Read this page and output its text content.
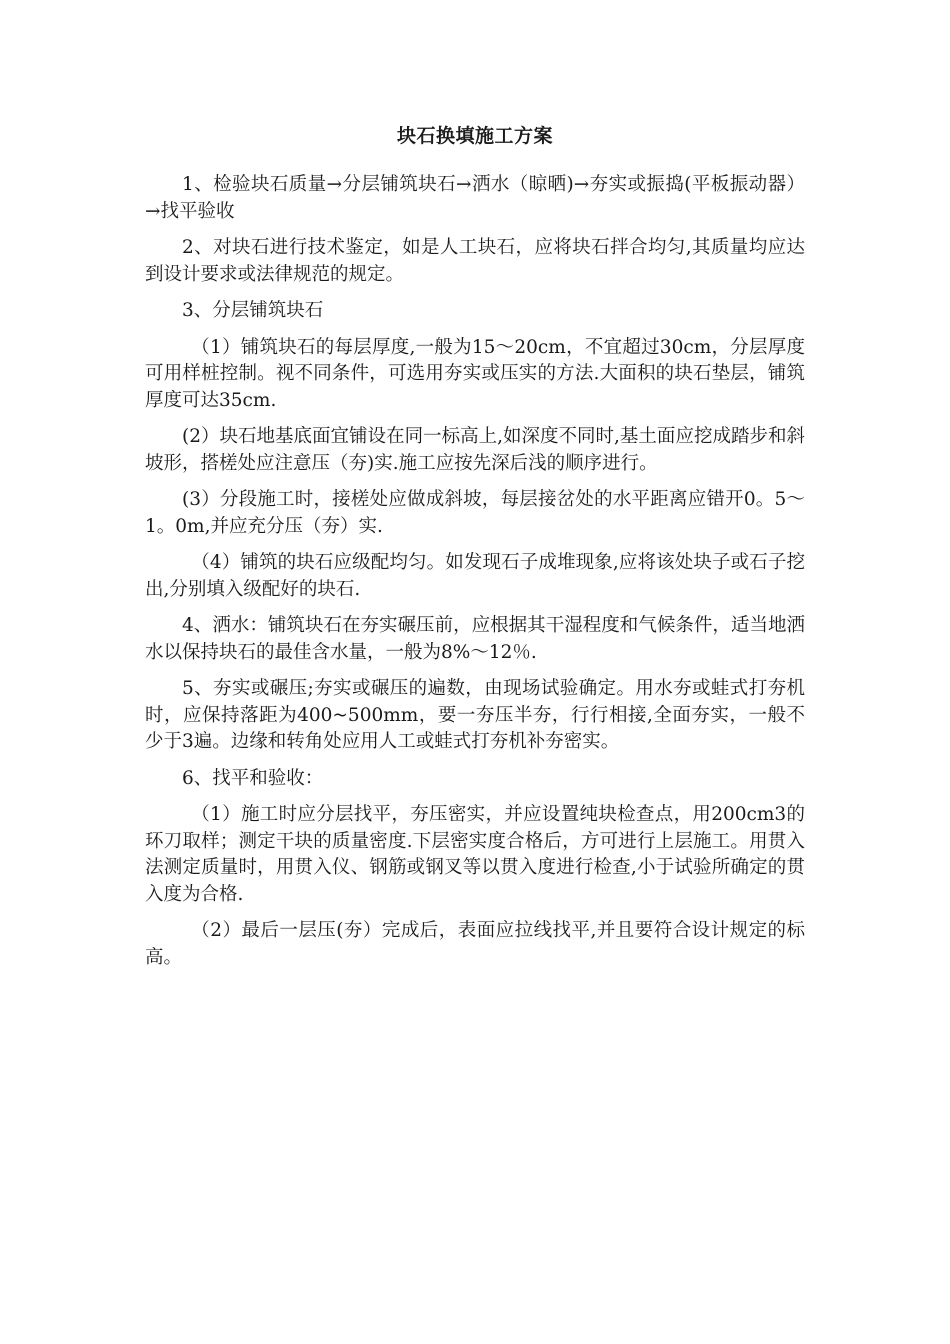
块石换填施工方案

1、检验块石质量→分层铺筑块石→洒水（晾晒)→夯实或振捣(平板振动器）→找平验收

2、对块石进行技术鉴定，如是人工块石，应将块石拌合均匀,其质量均应达到设计要求或法律规范的规定。

3、分层铺筑块石

（1）铺筑块石的每层厚度,一般为15～20cm，不宜超过30cm，分层厚度可用样桩控制。视不同条件，可选用夯实或压实的方法.大面积的块石垫层，铺筑厚度可达35cm.

(2）块石地基底面宜铺设在同一标高上,如深度不同时,基土面应挖成踏步和斜坡形，搭槎处应注意压（夯)实.施工应按先深后浅的顺序进行。

(3）分段施工时，接槎处应做成斜坡，每层接岔处的水平距离应错开0。5～1。0m,并应充分压（夯）实.

（4）铺筑的块石应级配均匀。如发现石子成堆现象,应将该处块子或石子挖出,分别填入级配好的块石.

4、洒水：铺筑块石在夯实碾压前，应根据其干湿程度和气候条件，适当地洒水以保持块石的最佳含水量，一般为8%～12％.

5、夯实或碾压;夯实或碾压的遍数，由现场试验确定。用水夯或蛙式打夯机时，应保持落距为400~500mm，要一夯压半夯，行行相接,全面夯实，一般不少于3遍。边缘和转角处应用人工或蛙式打夯机补夯密实。

6、找平和验收：

（1）施工时应分层找平，夯压密实，并应设置纯块检查点，用200cm3的环刀取样；测定干块的质量密度.下层密实度合格后，方可进行上层施工。用贯入法测定质量时，用贯入仪、钢筋或钢叉等以贯入度进行检查,小于试验所确定的贯入度为合格.

（2）最后一层压(夯）完成后，表面应拉线找平,并且要符合设计规定的标高。
